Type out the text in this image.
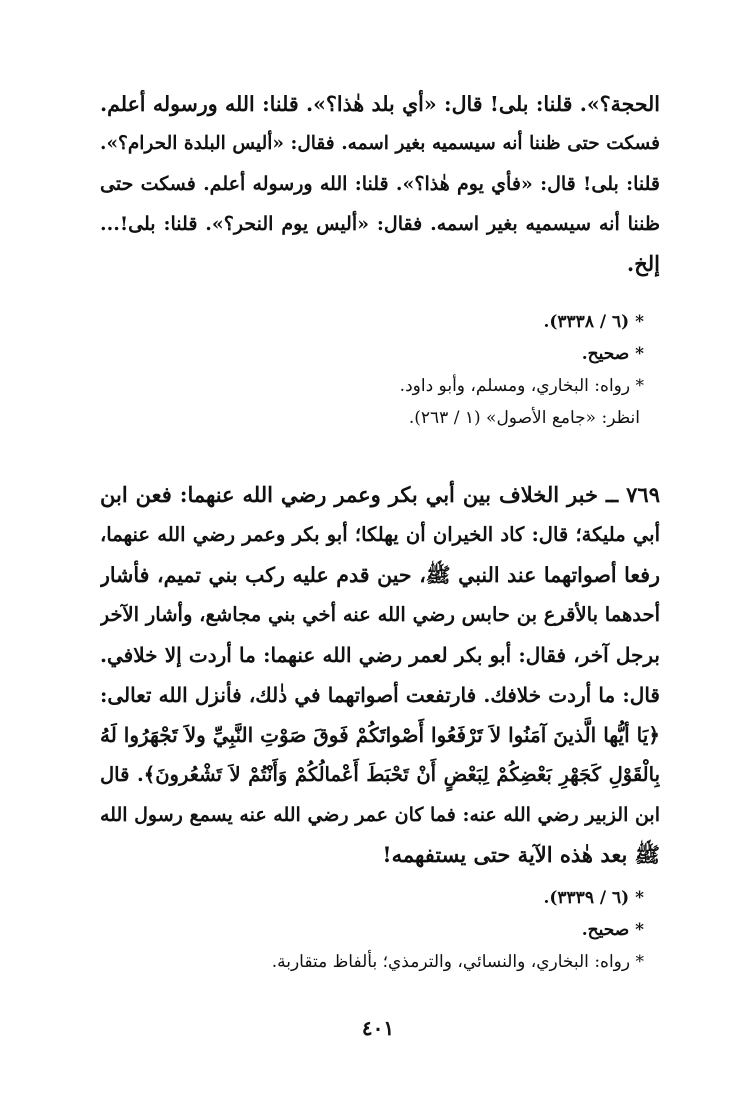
الحجة؟». قلنا: بلى! قال: «أي بلد هٰذا؟». قلنا: الله ورسوله أعلم.
فسكت حتى ظننا أنه سيسميه بغير اسمه. فقال: «أليس البلدة الحرام؟».
قلنا: بلى! قال: «فأي يوم هٰذا؟». قلنا: الله ورسوله أعلم. فسكت حتى
ظننا أنه سيسميه بغير اسمه. فقال: «أليس يوم النحر؟». قلنا: بلى!...
إلخ.
* (٦ / ٣٣٣٨).
* صحيح.
* رواه: البخاري، ومسلم، وأبو داود.
انظر: «جامع الأصول» (١ / ٢٦٣).
٧٦٩ ــ خبر الخلاف بين أبي بكر وعمر رضي الله عنهما: فعن ابن
أبي مليكة؛ قال: كاد الخيران أن يهلكا؛ أبو بكر وعمر رضي الله عنهما،
رفعا أصواتهما عند النبي ﷺ، حين قدم عليه ركب بني تميم، فأشار
أحدهما بالأقرع بن حابس رضي الله عنه أخي بني مجاشع، وأشار الآخر
برجل آخر، فقال: أبو بكر لعمر رضي الله عنهما: ما أردت إلا خلافي.
قال: ما أردت خلافك. فارتفعت أصواتهما في ذٰلك، فأنزل الله تعالى:
﴿يَا أيُّها الَّذينَ آمَنُوا لاَ تَرْفَعُوا أَصْواتَكُمْ فَوقَ صَوْتِ النَّبِيِّ ولاَ تَجْهَرُوا لَهُ
بِالْقَوْلِ كَجَهْرِ بَعْضِكُمْ لِبَعْضٍ أَنْ تَحْبَطَ أَعْمالُكُمْ وَأَنْتُمْ لاَ تَشْعُرونَ﴾. قال
ابن الزبير رضي الله عنه: فما كان عمر رضي الله عنه يسمع رسول الله
ﷺ بعد هٰذه الآية حتى يستفهمه!
* (٦ / ٣٣٣٩).
* صحيح.
* رواه: البخاري، والنسائي، والترمذي؛ بألفاظ متقاربة.
٤٠١
